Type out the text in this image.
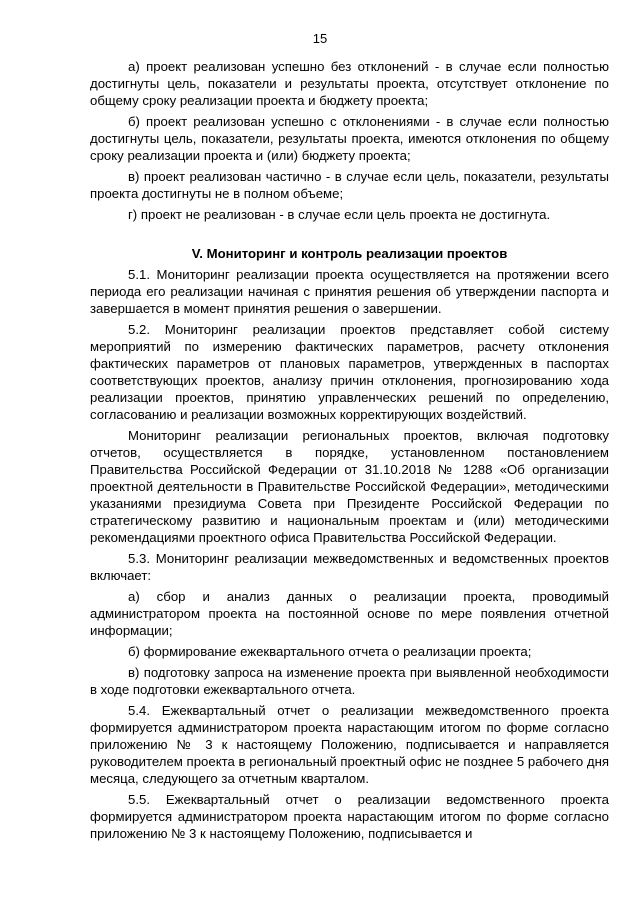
15

а) проект реализован успешно без отклонений - в случае если полностью достигнуты цель, показатели и результаты проекта, отсутствует отклонение по общему сроку реализации проекта и бюджету проекта;

б) проект реализован успешно с отклонениями - в случае если полностью достигнуты цель, показатели, результаты проекта, имеются отклонения по общему сроку реализации проекта и (или) бюджету проекта;

в) проект реализован частично - в случае если цель, показатели, результаты проекта достигнуты не в полном объеме;

г) проект не реализован - в случае если цель проекта не достигнута.

V. Мониторинг и контроль реализации проектов

5.1. Мониторинг реализации проекта осуществляется на протяжении всего периода его реализации начиная с принятия решения об утверждении паспорта и завершается в момент принятия решения о завершении.

5.2. Мониторинг реализации проектов представляет собой систему мероприятий по измерению фактических параметров, расчету отклонения фактических параметров от плановых параметров, утвержденных в паспортах соответствующих проектов, анализу причин отклонения, прогнозированию хода реализации проектов, принятию управленческих решений по определению, согласованию и реализации возможных корректирующих воздействий.

Мониторинг реализации региональных проектов, включая подготовку отчетов, осуществляется в порядке, установленном постановлением Правительства Российской Федерации от 31.10.2018 № 1288 «Об организации проектной деятельности в Правительстве Российской Федерации», методическими указаниями президиума Совета при Президенте Российской Федерации по стратегическому развитию и национальным проектам и (или) методическими рекомендациями проектного офиса Правительства Российской Федерации.

5.3. Мониторинг реализации межведомственных и ведомственных проектов включает:

а) сбор и анализ данных о реализации проекта, проводимый администратором проекта на постоянной основе по мере появления отчетной информации;

б) формирование ежеквартального отчета о реализации проекта;

в) подготовку запроса на изменение проекта при выявленной необходимости в ходе подготовки ежеквартального отчета.

5.4. Ежеквартальный отчет о реализации межведомственного проекта формируется администратором проекта нарастающим итогом по форме согласно приложению № 3 к настоящему Положению, подписывается и направляется руководителем проекта в региональный проектный офис не позднее 5 рабочего дня месяца, следующего за отчетным кварталом.

5.5. Ежеквартальный отчет о реализации ведомственного проекта формируется администратором проекта нарастающим итогом по форме согласно приложению № 3 к настоящему Положению, подписывается и
